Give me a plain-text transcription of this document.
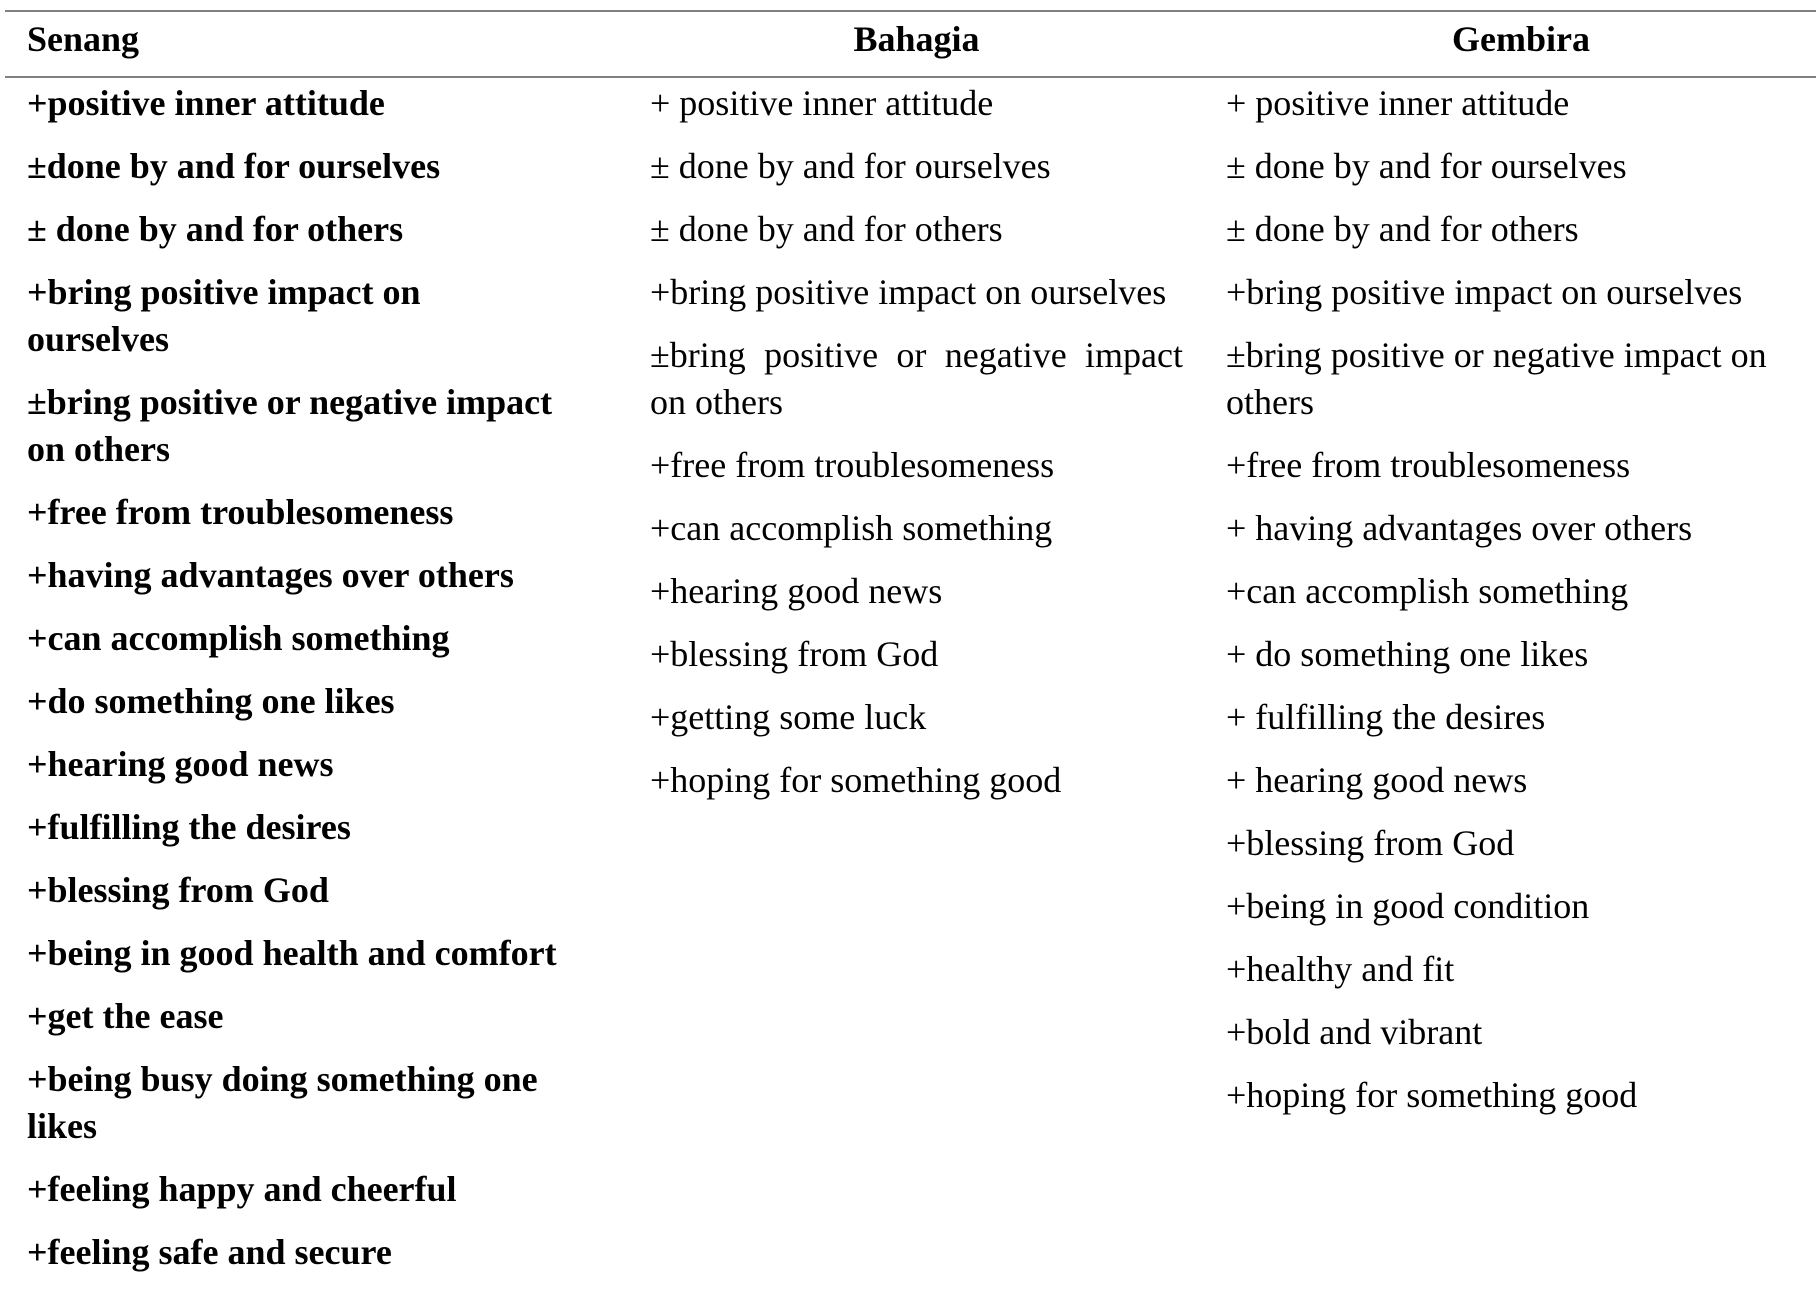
Senang	Bahagia	Gembira
+positive inner attitude
±done by and for ourselves
± done by and for others
+bring positive impact on ourselves
±bring positive or negative impact on others
+free from troublesomeness
+having advantages over others
+can accomplish something
+do something one likes
+hearing good news
+fulfilling the desires
+blessing from God
+being in good health and comfort
+get the ease
+being busy doing something one likes
+feeling happy and cheerful
+feeling safe and secure
+ positive inner attitude
± done by and for ourselves
± done by and for others
+bring positive impact on ourselves
±bring positive or negative impact on others
+free from troublesomeness
+can accomplish something
+hearing good news
+blessing from God
+getting some luck
+hoping for something good
+ positive inner attitude
± done by and for ourselves
± done by and for others
+bring positive impact on ourselves
±bring positive or negative impact on others
+free from troublesomeness
+ having advantages over others
+can accomplish something
+ do something one likes
+ fulfilling the desires
+ hearing good news
+blessing from God
+being in good condition
+healthy and fit
+bold and vibrant
+hoping for something good
